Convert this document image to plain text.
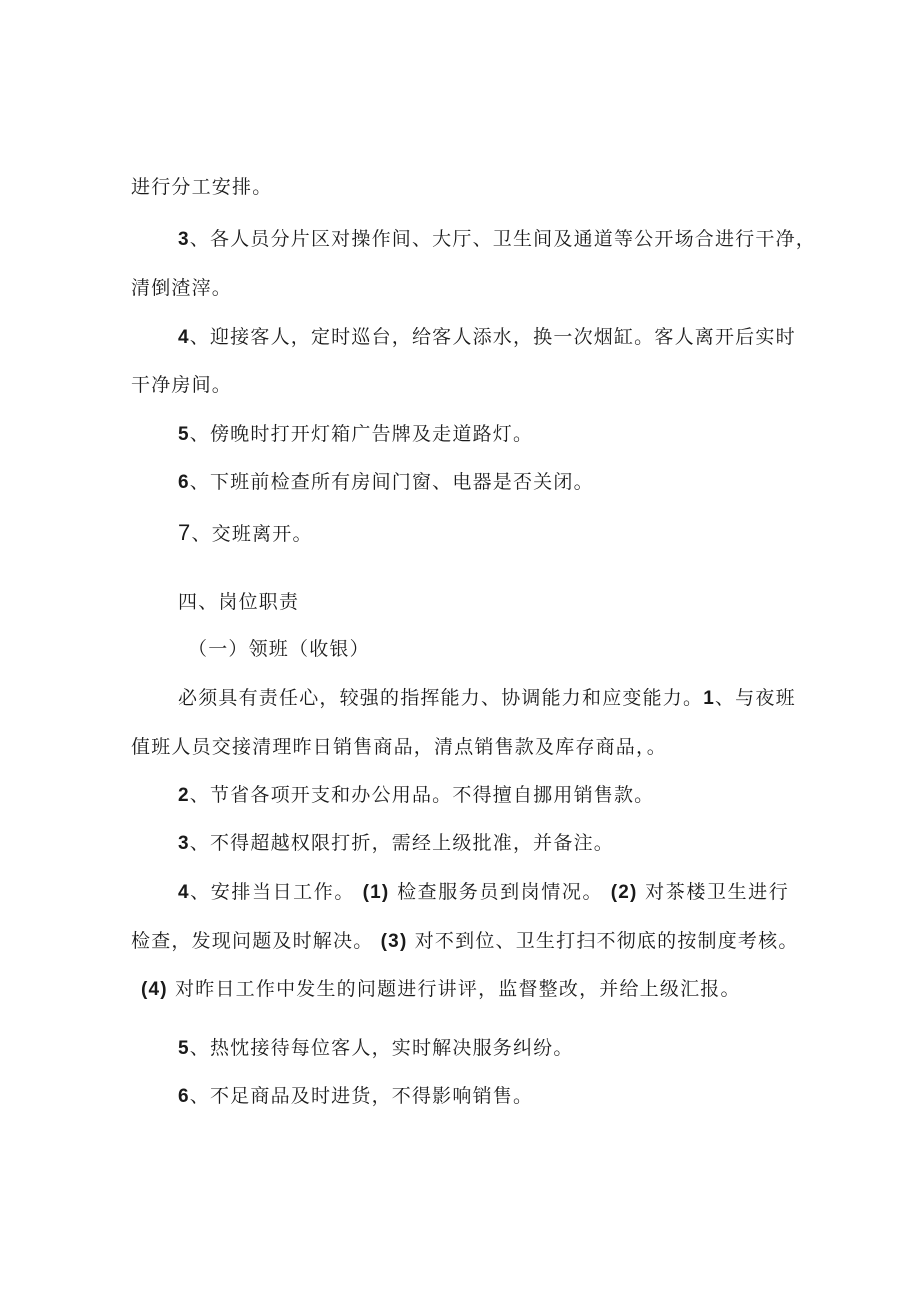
进行分工安排。
3、各人员分片区对操作间、大厅、卫生间及通道等公开场合进行干净，
清倒渣滓。
4、迎接客人，定时巡台，给客人添水，换一次烟缸。客人离开后实时
干净房间。
5、傍晚时打开灯箱广告牌及走道路灯。
6、下班前检查所有房间门窗、电器是否关闭。
7、交班离开。
四、岗位职责
（一）领班（收银）
必须具有责任心，较强的指挥能力、协调能力和应变能力。1、与夜班
值班人员交接清理昨日销售商品，清点销售款及库存商品，。
2、节省各项开支和办公用品。不得擅自挪用销售款。
3、不得超越权限打折，需经上级批准，并备注。
4、安排当日工作。 (1) 检查服务员到岗情况。 (2) 对茶楼卫生进行
检查，发现问题及时解决。 (3) 对不到位、卫生打扫不彻底的按制度考核。
(4) 对昨日工作中发生的问题进行讲评，监督整改，并给上级汇报。
5、热忱接待每位客人，实时解决服务纠纷。
6、不足商品及时进货，不得影响销售。
